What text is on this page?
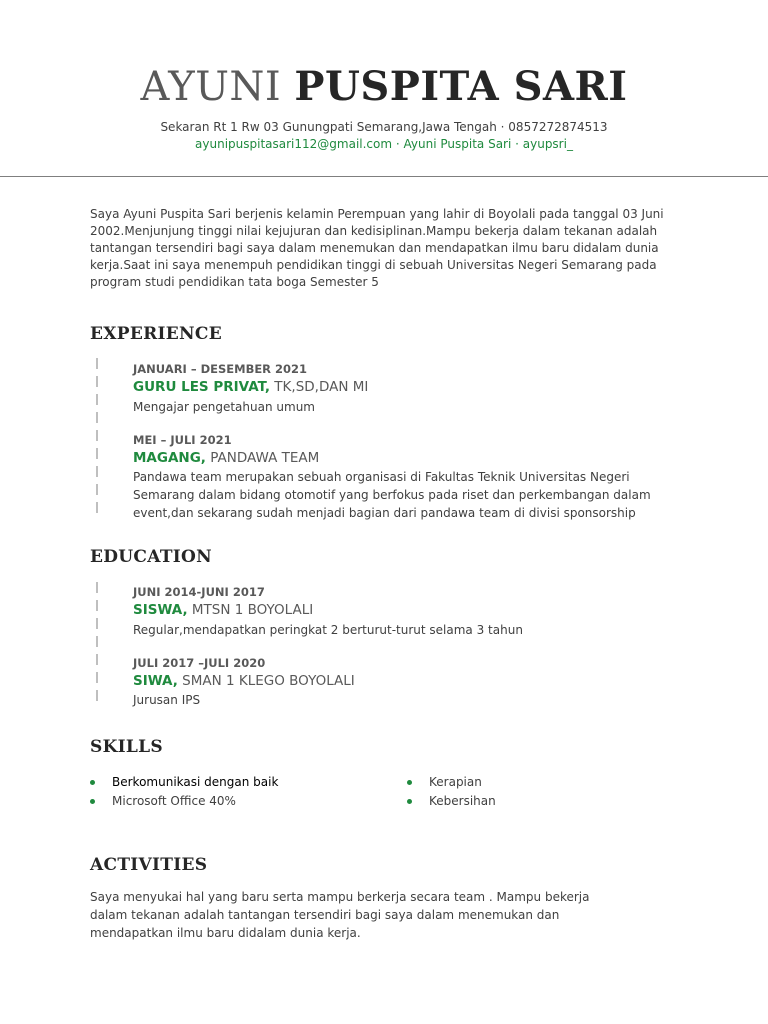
AYUNI PUSPITA SARI
Sekaran Rt 1 Rw 03 Gunungpati Semarang,Jawa Tengah · 0857272874513
ayunipuspitasari112@gmail.com · Ayuni Puspita Sari · ayupsri_
Saya Ayuni Puspita Sari berjenis kelamin Perempuan yang lahir di Boyolali pada tanggal 03 Juni 2002.Menjunjung tinggi nilai kejujuran dan kedisiplinan.Mampu bekerja dalam tekanan adalah tantangan tersendiri bagi saya dalam menemukan dan mendapatkan ilmu baru didalam dunia kerja.Saat ini saya menempuh pendidikan tinggi di sebuah Universitas Negeri Semarang pada program studi pendidikan tata boga Semester 5
EXPERIENCE
JANUARI – DESEMBER 2021
GURU LES PRIVAT, TK,SD,DAN MI
Mengajar pengetahuan umum
MEI – JULI 2021
MAGANG, PANDAWA TEAM
Pandawa team merupakan sebuah organisasi di Fakultas Teknik Universitas Negeri Semarang dalam bidang otomotif yang berfokus pada riset dan perkembangan dalam event,dan sekarang sudah menjadi bagian dari pandawa team di divisi sponsorship
EDUCATION
JUNI 2014-JUNI 2017
SISWA, MTSN 1 BOYOLALI
Regular,mendapatkan peringkat 2 berturut-turut selama 3 tahun
JULI 2017 –JULI 2020
SIWA, SMAN 1 KLEGO BOYOLALI
Jurusan IPS
SKILLS
Berkomunikasi dengan baik
Microsoft Office 40%
Kerapian
Kebersihan
ACTIVITIES
Saya menyukai hal yang baru serta mampu berkerja secara team . Mampu bekerja dalam tekanan adalah tantangan tersendiri bagi saya dalam menemukan dan mendapatkan ilmu baru didalam dunia kerja.
